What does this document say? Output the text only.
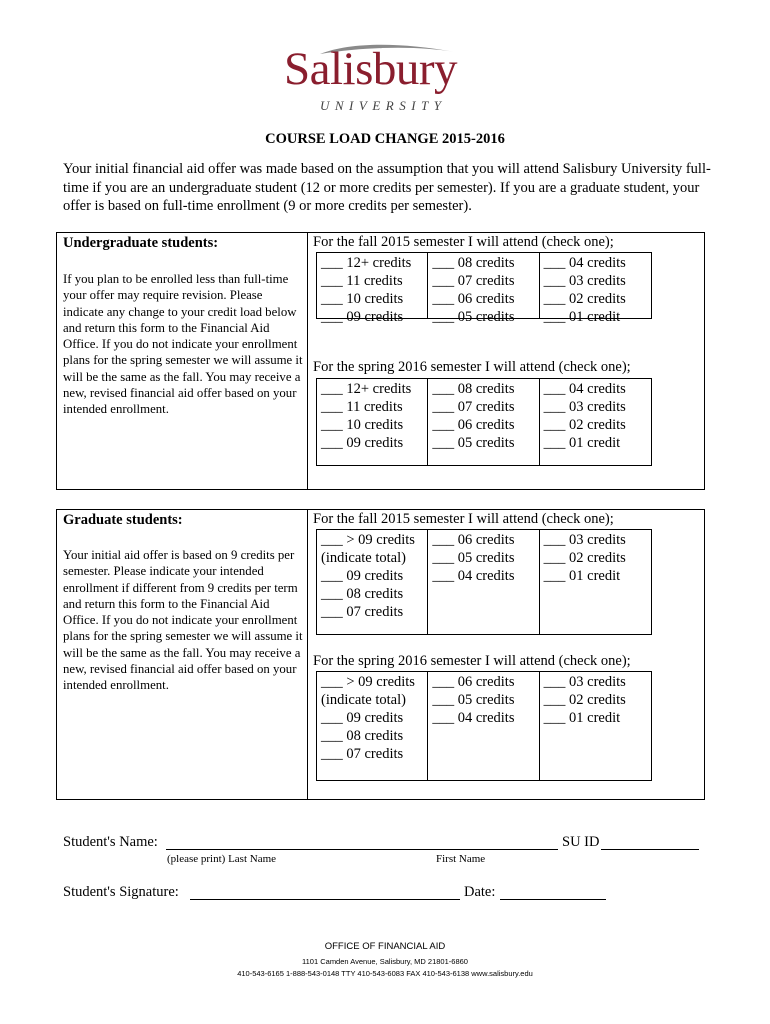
Salisbury
UNIVERSITY
COURSE LOAD CHANGE 2015-2016
Your initial financial aid offer was made based on the assumption that you will attend Salisbury University full-time if you are an undergraduate student (12 or more credits per semester). If you are a graduate student, your offer is based on full-time enrollment (9 or more credits per semester).
Undergraduate students:
If you plan to be enrolled less than full-time your offer may require revision. Please indicate any change to your credit load below and return this form to the Financial Aid Office. If you do not indicate your enrollment plans for the spring semester we will assume it will be the same as the fall. You may receive a new, revised financial aid offer based on your intended enrollment.
For the fall 2015 semester I will attend (check one);
___ 12+ credits
___ 11 credits
___ 10 credits
___ 09 credits
___ 08 credits
___ 07 credits
___ 06 credits
___ 05 credits
___ 04 credits
___ 03 credits
___ 02 credits
___ 01 credit
For the spring 2016 semester I will attend (check one);
___ 12+ credits
___ 11 credits
___ 10 credits
___ 09 credits
___ 08 credits
___ 07 credits
___ 06 credits
___ 05 credits
___ 04 credits
___ 03 credits
___ 02 credits
___ 01 credit
Graduate students:
Your initial aid offer is based on 9 credits per semester. Please indicate your intended enrollment if different from 9 credits per term and return this form to the Financial Aid Office. If you do not indicate your enrollment plans for the spring semester we will assume it will be the same as the fall. You may receive a new, revised financial aid offer based on your intended enrollment.
For the fall 2015 semester I will attend (check one);
___ > 09 credits
(indicate total)
___ 09 credits
___ 08 credits
___ 07 credits
___ 06 credits
___ 05 credits
___ 04 credits
___ 03 credits
___ 02 credits
___ 01 credit
For the spring 2016 semester I will attend (check one);
___ > 09 credits
(indicate total)
___ 09 credits
___ 08 credits
___ 07 credits
___ 06 credits
___ 05 credits
___ 04 credits
___ 03 credits
___ 02 credits
___ 01 credit
Student's Name:	SU ID
(please print) Last Name	First Name
Student's Signature:	Date:
OFFICE OF FINANCIAL AID
1101 Camden Avenue, Salisbury, MD 21801-6860
410-543-6165 1-888-543-0148 TTY 410-543-6083 FAX 410-543-6138 www.salisbury.edu
